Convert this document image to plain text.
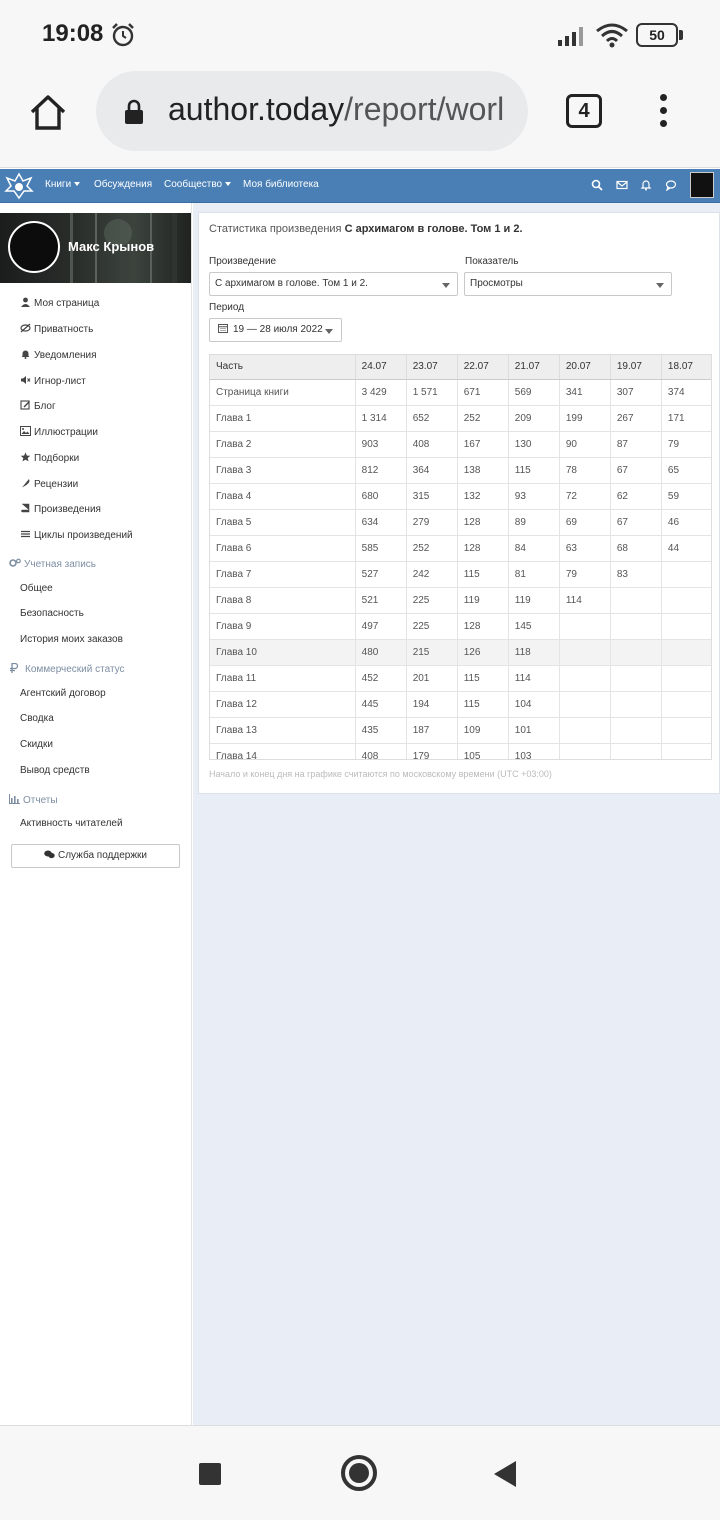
19:08	50
author.today/report/worl	4
Книги	Обсуждения Сообщество	Моя библиотека
Макс Крынов
Моя страница
Приватность
Уведомления
Игнор-лист
Блог
Иллюстрации
Подборки
Рецензии
Произведения
Циклы произведений
Учетная запись
Общее
Безопасность
История моих заказов
Коммерческий статус
Агентский договор
Сводка
Скидки
Вывод средств
Отчеты
Активность читателей
Служба поддержки
Статистика произведения С архимагом в голове. Том 1 и 2.
Произведение
С архимагом в голове. Том 1 и 2.
Показатель
Просмотры
Период
19 — 28 июля 2022
Часть	24.07	23.07	22.07	21.07	20.07	19.07	18.07
Страница книги	3 429	1 571	671	569	341	307	374
Глава 1	1 314	652	252	209	199	267	171
Глава 2	903	408	167	130	90	87	79
Глава 3	812	364	138	115	78	67	65
Глава 4	680	315	132	93	72	62	59
Глава 5	634	279	128	89	69	67	46
Глава 6	585	252	128	84	63	68	44
Глава 7	527	242	115	81	79	83	
Глава 8	521	225	119	119	114		
Глава 9	497	225	128	145			
Глава 10	480	215	126	118			
Глава 11	452	201	115	114			
Глава 12	445	194	115	104			
Глава 13	435	187	109	101			
Глава 14	408	179	105	103			
Начало и конец дня на графике считаются по московскому времени (UTC +03:00)
